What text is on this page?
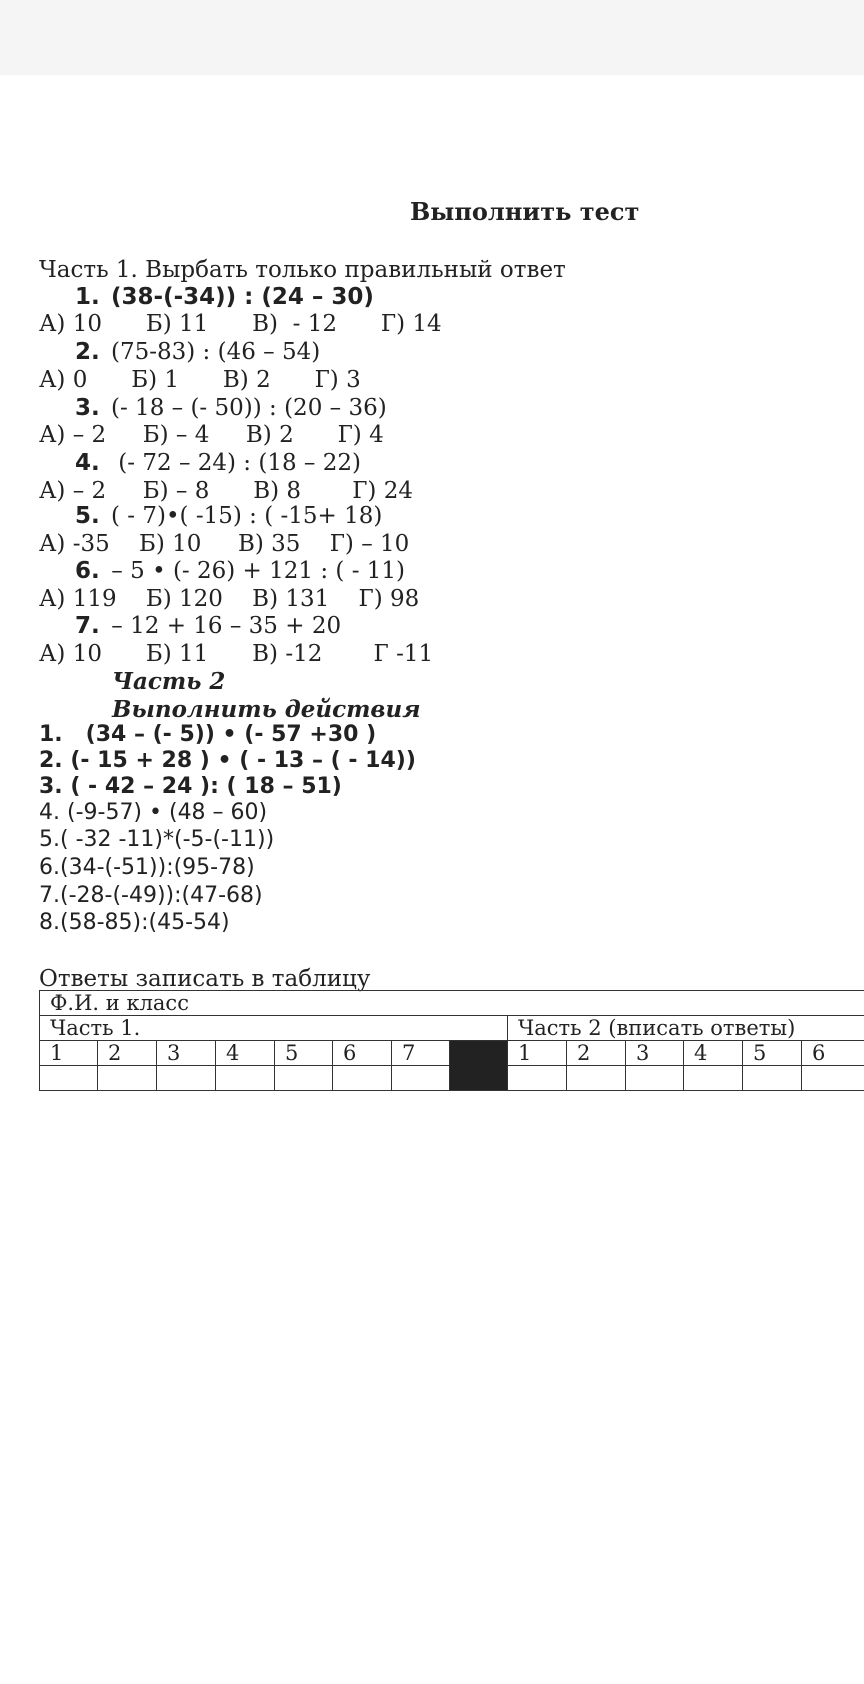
Выполнить тест
Часть 1. Вырбать только правильный ответ
1. (38-(-34)) : (24 – 30)
А) 10      Б) 11      В)  - 12      Г) 14
2. (75-83) : (46 – 54)
А) 0      Б) 1      В) 2      Г) 3
3. (- 18 – (- 50)) : (20 – 36)
А) – 2     Б) – 4     В) 2      Г) 4
4. (- 72 – 24) : (18 – 22)
А) – 2     Б) – 8      В) 8       Г) 24
5. ( - 7)•( -15) : ( -15+ 18)
А) -35    Б) 10     В) 35    Г) – 10
6. – 5 • (- 26) + 121 : ( - 11)
А) 119    Б) 120    В) 131    Г) 98
7. – 12 + 16 – 35 + 20
А) 10      Б) 11      В) -12       Г -11
Часть 2
Выполнить действия
1.   (34 – (- 5)) • (- 57 +30 )
2. (- 15 + 28 ) • ( - 13 – ( - 14))
3. ( - 42 – 24 ): ( 18 – 51)
4. (-9-57) • (48 – 60)
5.( -32 -11)*(-5-(-11))
6.(34-(-51)):(95-78)
7.(-28-(-49)):(47-68)
8.(58-85):(45-54)
Ответы записать в таблицу
Ф.И. и класс													
Часть 1.								Часть 2 (вписать ответы)					
1	2	3	4	5	6	7		1	2	3	4	5	6
